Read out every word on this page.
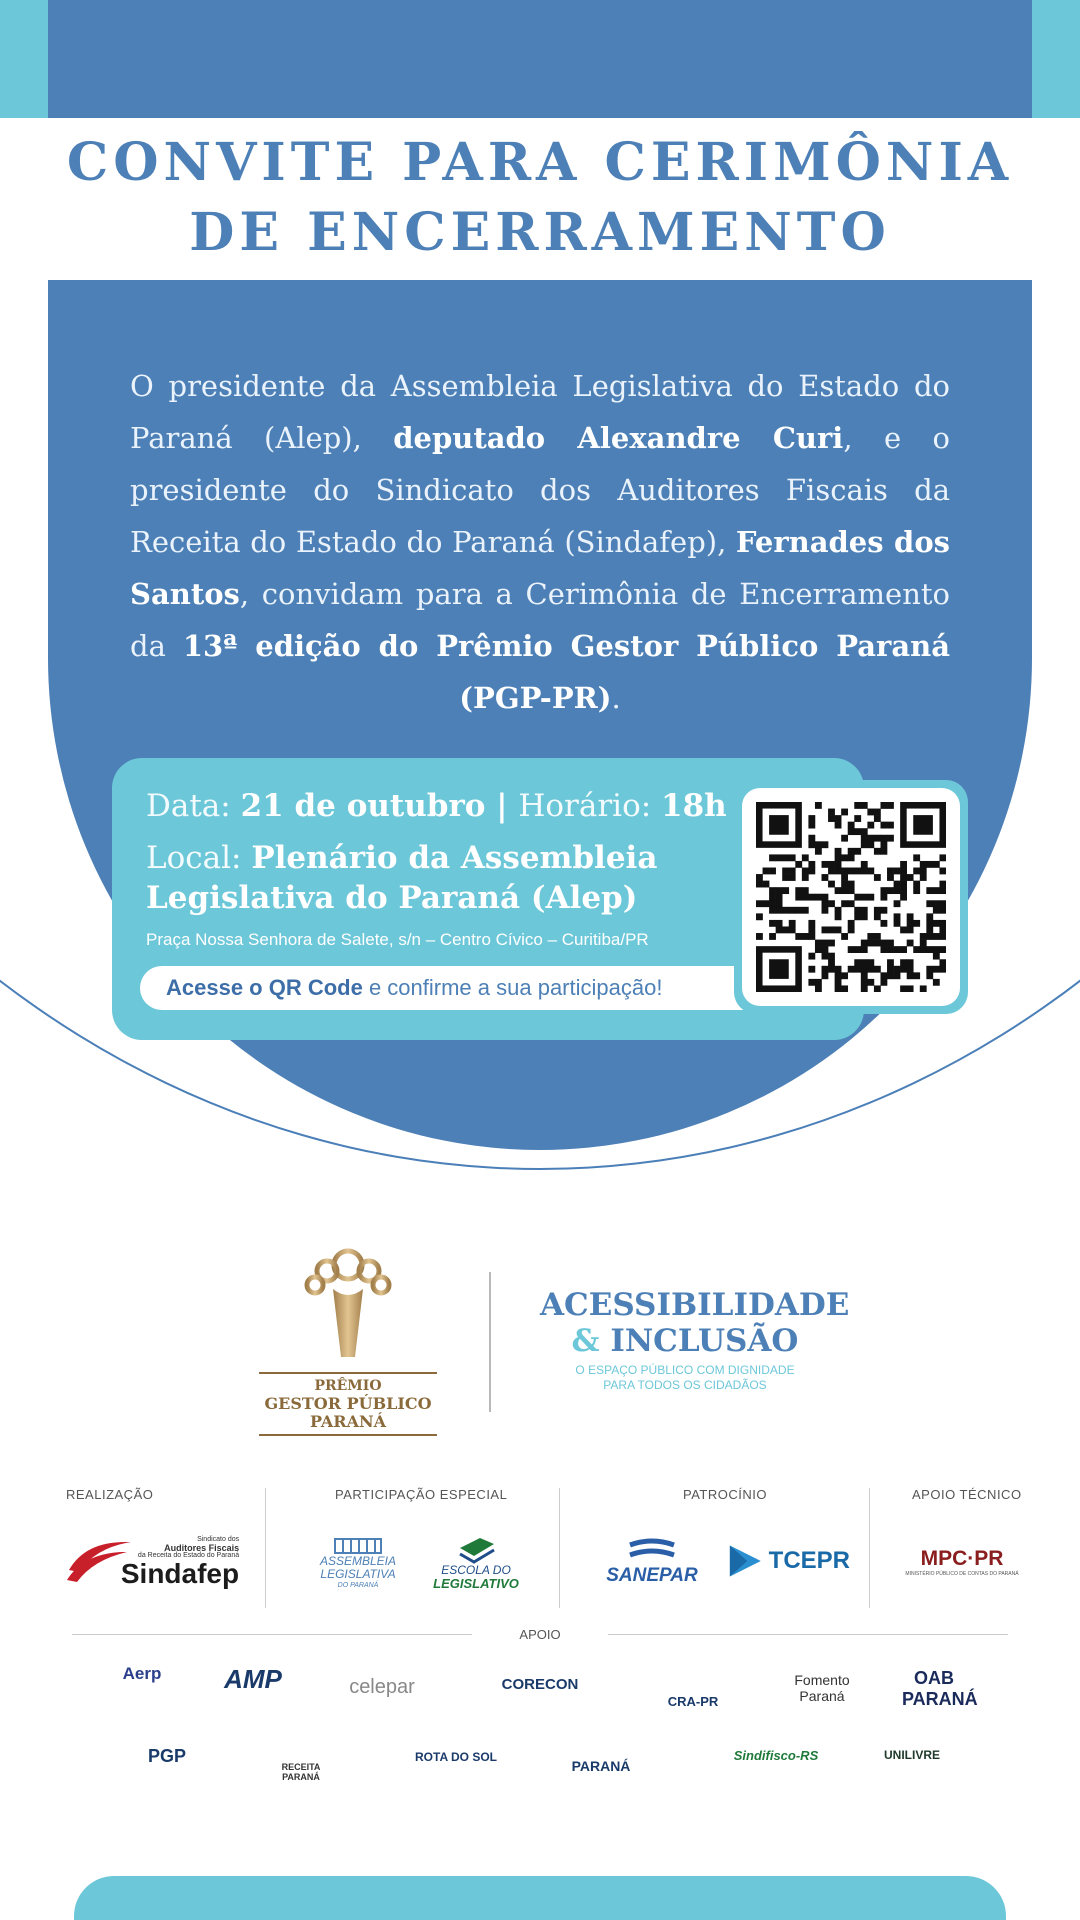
CONVITE PARA CERIMÔNIA
DE ENCERRAMENTO
O presidente da Assembleia Legislativa do Estado do Paraná (Alep), deputado Alexandre Curi, e o presidente do Sindicato dos Auditores Fiscais da Receita do Estado do Paraná (Sindafep), Fernades dos Santos, convidam para a Cerimônia de Encerramento da 13ª edição do Prêmio Gestor Público Paraná (PGP-PR).
Data: 21 de outubro | Horário: 18h
Local: Plenário da Assembleia
Legislativa do Paraná (Alep)
Praça Nossa Senhora de Salete, s/n – Centro Cívico – Curitiba/PR
Acesse o QR Code e confirme a sua participação!
PRÊMIO
GESTOR PÚBLICO
PARANÁ
ACESSIBILIDADE
& INCLUSÃO
O ESPAÇO PÚBLICO COM DIGNIDADE
PARA TODOS OS CIDADÃOS
REALIZAÇÃO	PARTICIPAÇÃO ESPECIAL	PATROCÍNIO	APOIO TÉCNICO
Sindicato dos
Auditores Fiscais
da Receita do Estado do Paraná
Sindafep	ASSEMBLEIA
LEGISLATIVA
DO PARANÁ
ESCOLA DO
LEGISLATIVO	SANEPAR
TCEPR	MPC·PR
MINISTÉRIO PÚBLICO DE CONTAS DO PARANÁ
APOIO
Aerp	AMP	celepar	CORECON
CRA-PR
Fomento Paraná
OAB PARANÁ
PGP
RECEITA PARANÁ
ROTA DO SOL
PARANÁ
Sindifisco-RS	UNILIVRE
